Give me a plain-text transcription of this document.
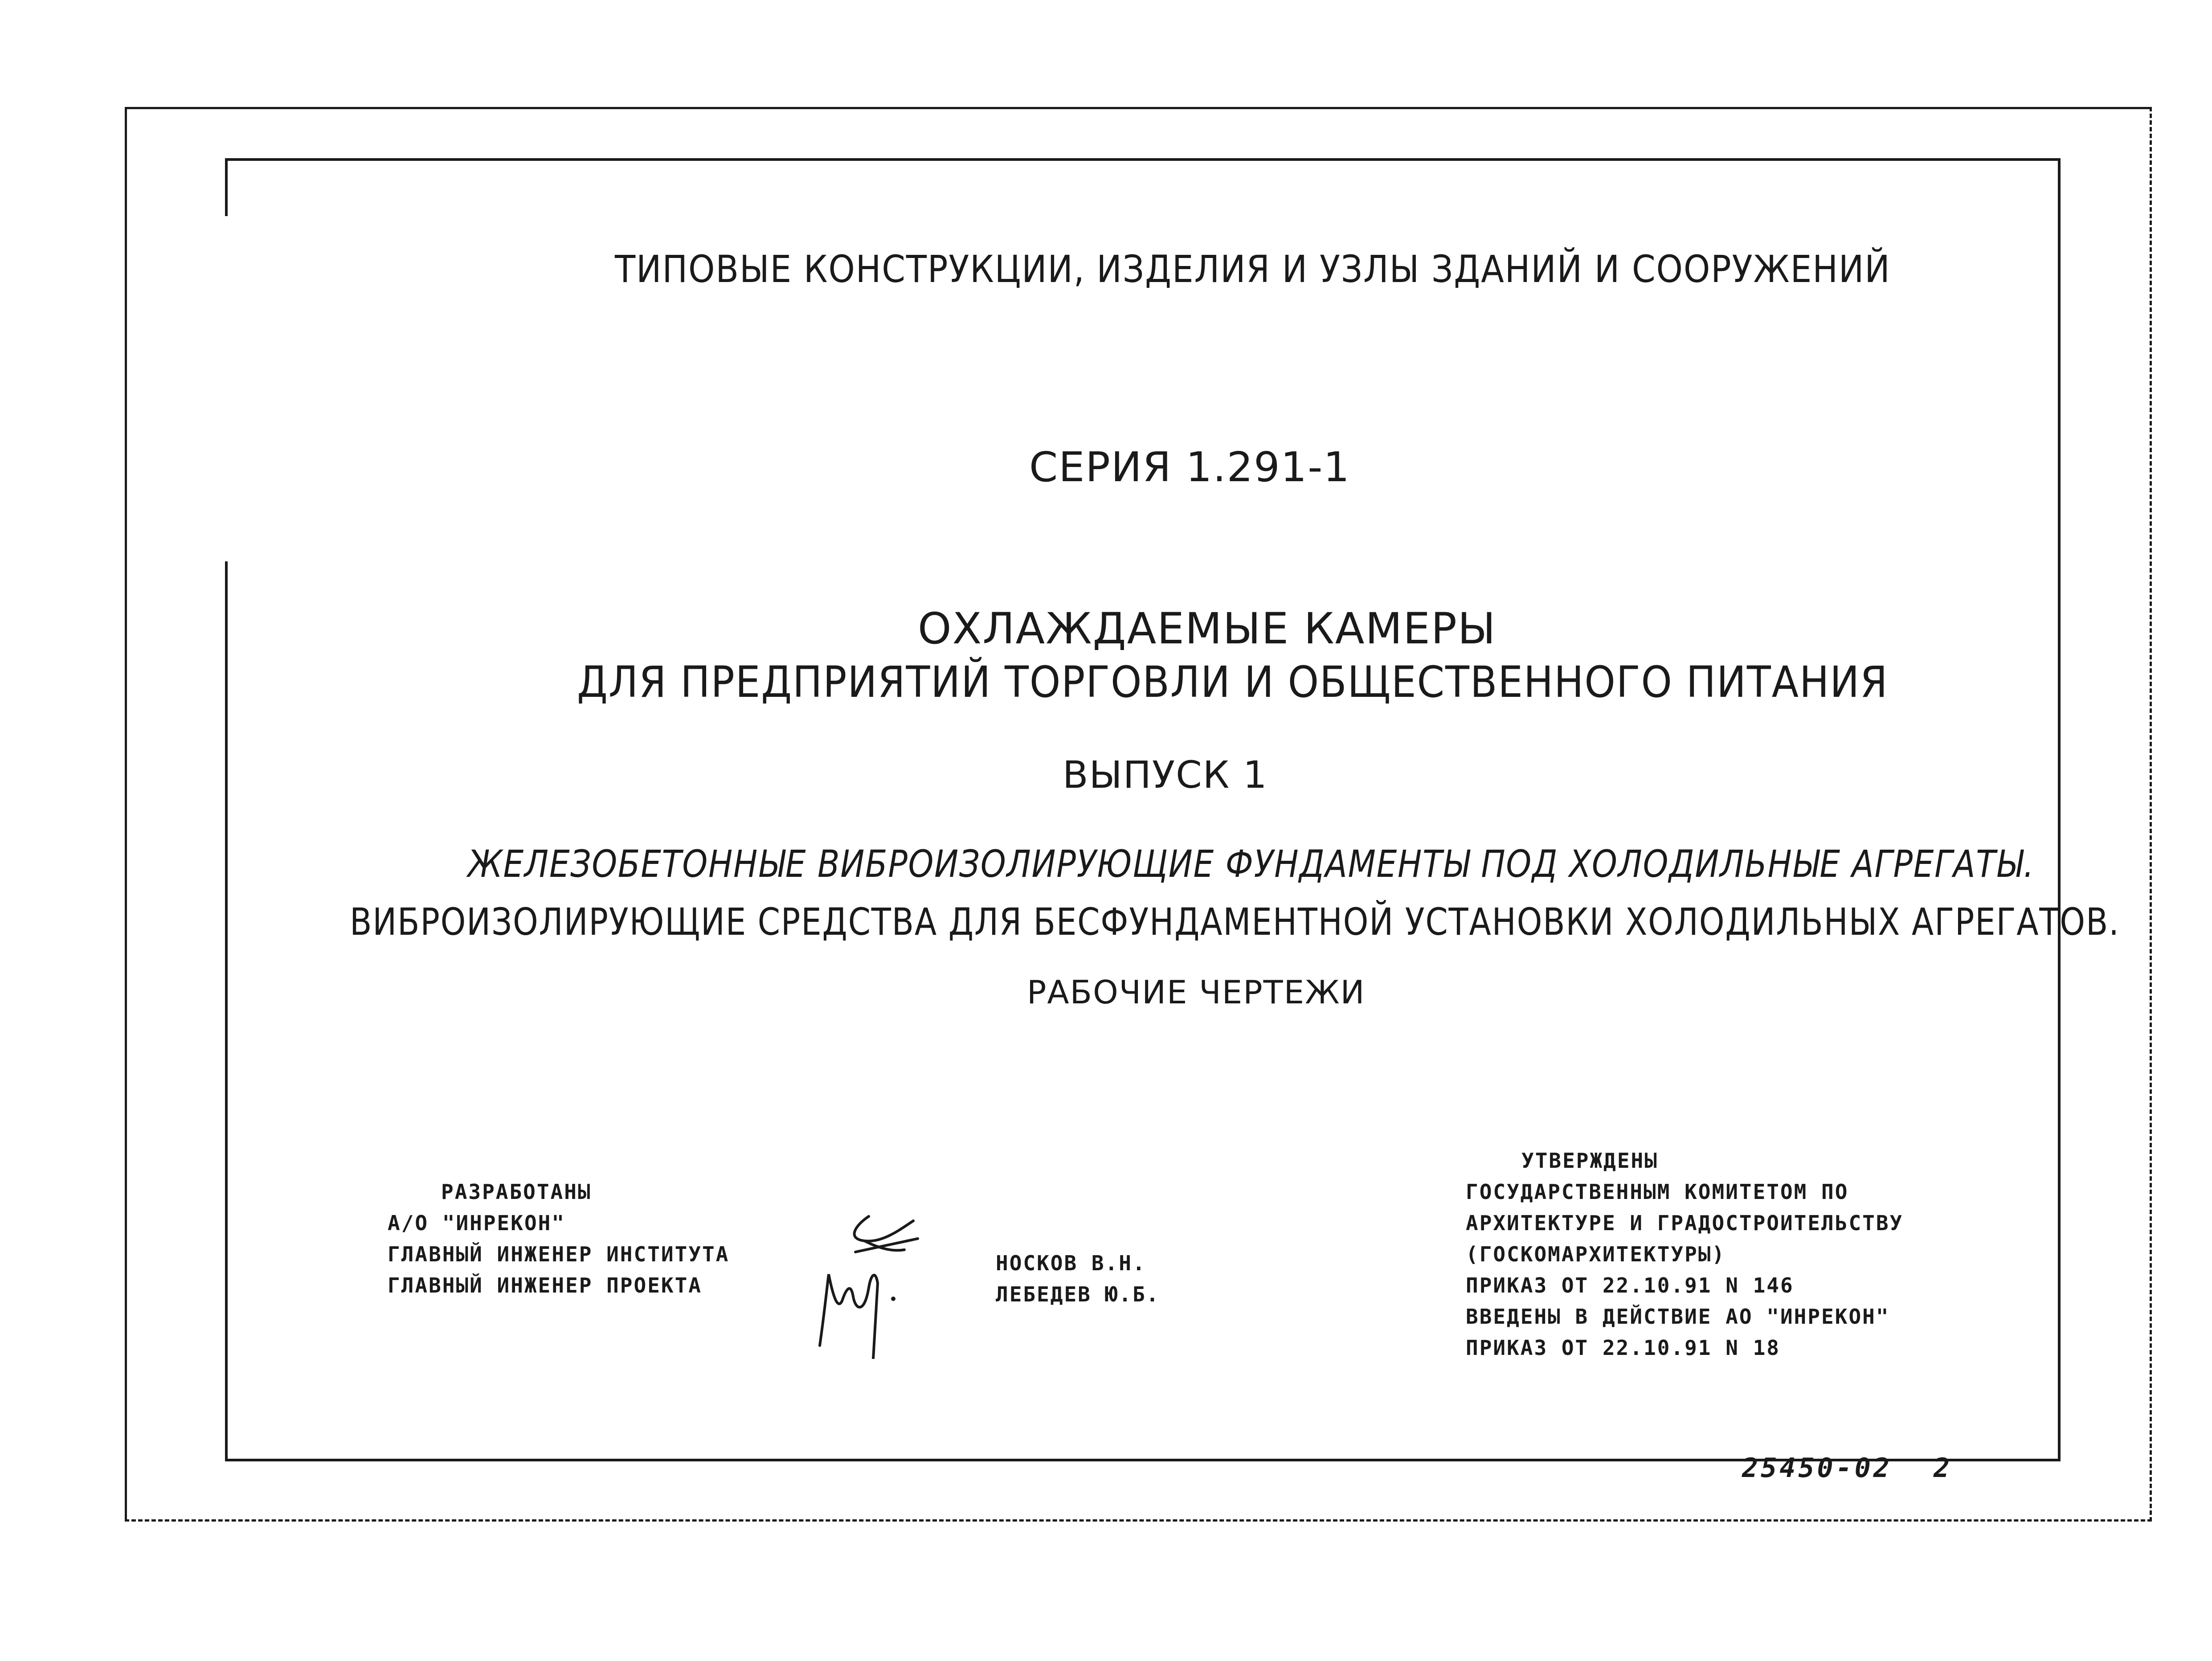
ТИПОВЫЕ КОНСТРУКЦИИ, ИЗДЕЛИЯ И УЗЛЫ ЗДАНИЙ И СООРУЖЕНИЙ
СЕРИЯ 1.291-1
ОХЛАЖДАЕМЫЕ КАМЕРЫ
ДЛЯ ПРЕДПРИЯТИЙ ТОРГОВЛИ И ОБЩЕСТВЕННОГО ПИТАНИЯ
ВЫПУСК 1
ЖЕЛЕЗОБЕТОННЫЕ ВИБРОИЗОЛИРУЮЩИЕ ФУНДАМЕНТЫ ПОД ХОЛОДИЛЬНЫЕ АГРЕГАТЫ.
ВИБРОИЗОЛИРУЮЩИЕ СРЕДСТВА ДЛЯ БЕСФУНДАМЕНТНОЙ УСТАНОВКИ ХОЛОДИЛЬНЫХ АГРЕГАТОВ.
РАБОЧИЕ ЧЕРТЕЖИ
РАЗРАБОТАНЫ
А/О "ИНРЕКОН"
ГЛАВНЫЙ ИНЖЕНЕР ИНСТИТУТА
ГЛАВНЫЙ ИНЖЕНЕР ПРОЕКТА
НОСКОВ В.Н.
ЛЕБЕДЕВ Ю.Б.
УТВЕРЖДЕНЫ
ГОСУДАРСТВЕННЫМ КОМИТЕТОМ ПО
АРХИТЕКТУРЕ И ГРАДОСТРОИТЕЛЬСТВУ
(ГОСКОМАРХИТЕКТУРЫ)
ПРИКАЗ ОТ 22.10.91 N 146
ВВЕДЕНЫ В ДЕЙСТВИЕ АО "ИНРЕКОН"
ПРИКАЗ ОТ 22.10.91 N 18
25450-02 2
